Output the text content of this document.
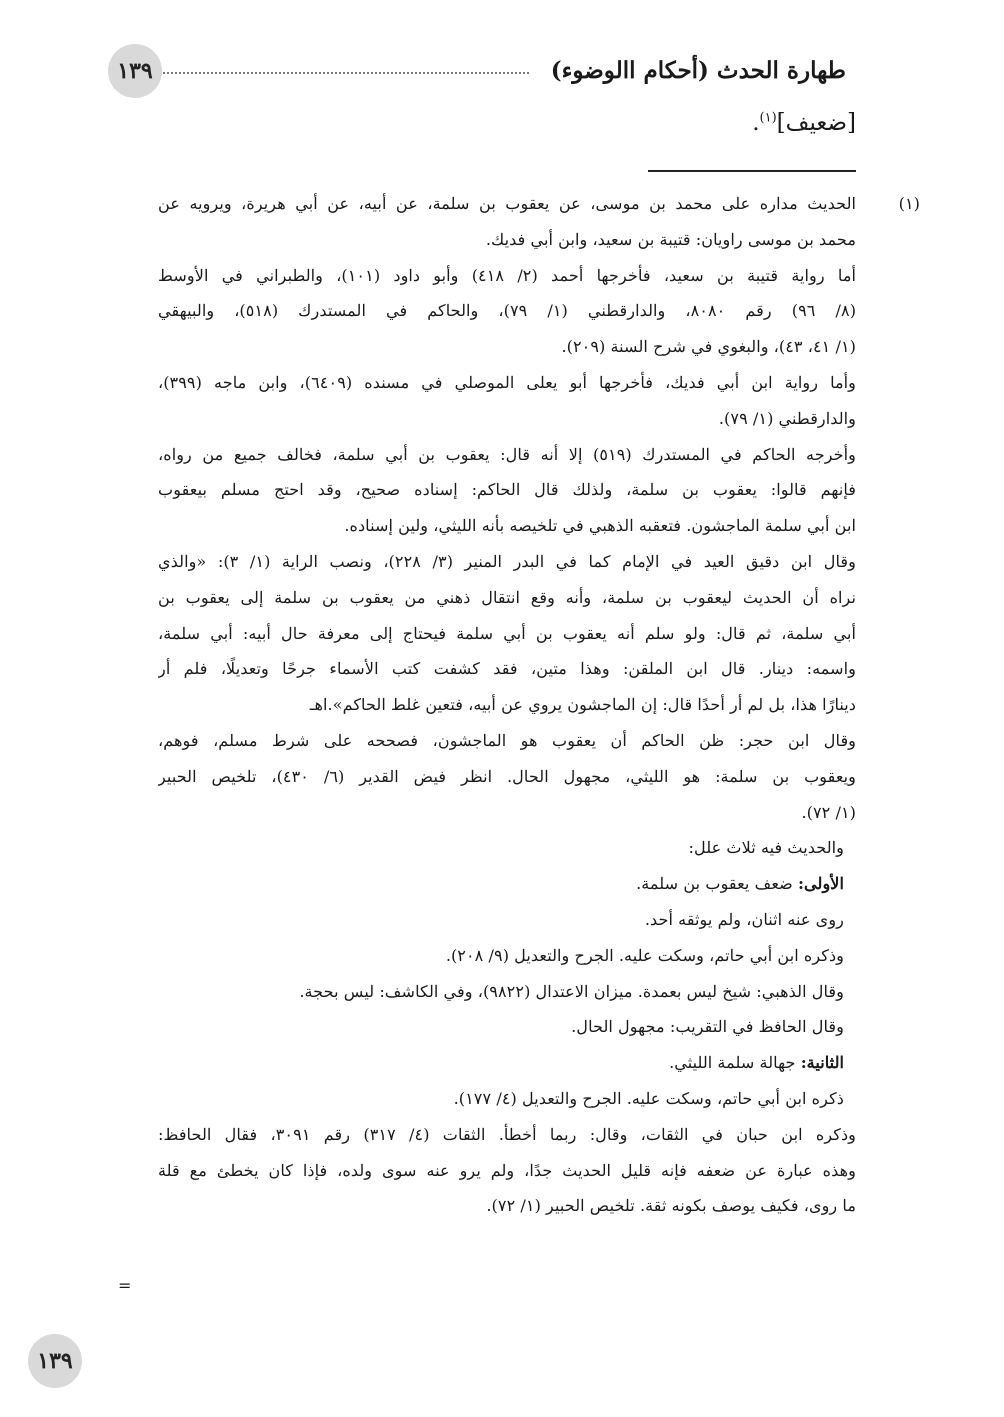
طهارة الحدث (أحكام االوضوء)
١٣٩
[ضعيف]$^{(١)}$.
(١)
الحديث مداره على محمد بن موسى، عن يعقوب بن سلمة، عن أبيه، عن أبي هريرة، ويرويه عن
محمد بن موسى راويان: قتيبة بن سعيد، وابن أبي فديك.
أما رواية قتيبة بن سعيد، فأخرجها أحمد (٢/ ٤١٨) وأبو داود (١٠١)، والطبراني في الأوسط
(٨/ ٩٦) رقم ٨٠٨٠، والدارقطني (١/ ٧٩)، والحاكم في المستدرك (٥١٨)، والبيهقي
(١/ ٤١، ٤٣)، والبغوي في شرح السنة (٢٠٩).
وأما رواية ابن أبي فديك، فأخرجها أبو يعلى الموصلي في مسنده (٦٤٠٩)، وابن ماجه (٣٩٩)،
والدارقطني (١/ ٧٩).
وأخرجه الحاكم في المستدرك (٥١٩) إلا أنه قال: يعقوب بن أبي سلمة، فخالف جميع من رواه،
فإنهم قالوا: يعقوب بن سلمة، ولذلك قال الحاكم: إسناده صحيح، وقد احتج مسلم بيعقوب
ابن أبي سلمة الماجشون. فتعقبه الذهبي في تلخيصه بأنه الليثي، ولين إسناده.
وقال ابن دقيق العيد في الإمام كما في البدر المنير (٣/ ٢٢٨)، ونصب الراية (١/ ٣): «والذي
نراه أن الحديث ليعقوب بن سلمة، وأنه وقع انتقال ذهني من يعقوب بن سلمة إلى يعقوب بن
أبي سلمة، ثم قال: ولو سلم أنه يعقوب بن أبي سلمة فيحتاج إلى معرفة حال أبيه: أبي سلمة،
واسمه: دينار. قال ابن الملقن: وهذا متين، فقد كشفت كتب الأسماء جرحًا وتعديلًا، فلم أر
دينارًا هذا، بل لم أر أحدًا قال: إن الماجشون يروي عن أبيه، فتعين غلط الحاكم».اهـ
وقال ابن حجر: ظن الحاكم أن يعقوب هو الماجشون، فصححه على شرط مسلم، فوهم،
ويعقوب بن سلمة: هو الليثي، مجهول الحال. انظر فيض القدير (٦/ ٤٣٠)، تلخيص الحبير
(١/ ٧٢).
والحديث فيه ثلاث علل:
الأولى: ضعف يعقوب بن سلمة.
روى عنه اثنان، ولم يوثقه أحد.
وذكره ابن أبي حاتم، وسكت عليه. الجرح والتعديل (٩/ ٢٠٨).
وقال الذهبي: شيخ ليس بعمدة. ميزان الاعتدال (٩٨٢٢)، وفي الكاشف: ليس بحجة.
وقال الحافظ في التقريب: مجهول الحال.
الثانية: جهالة سلمة الليثي.
ذكره ابن أبي حاتم، وسكت عليه. الجرح والتعديل (٤/ ١٧٧).
وذكره ابن حبان في الثقات، وقال: ربما أخطأ. الثقات (٤/ ٣١٧) رقم ٣٠٩١، فقال الحافظ:
وهذه عبارة عن ضعفه فإنه قليل الحديث جدًا، ولم يرو عنه سوى ولده، فإذا كان يخطئ مع قلة
ما روى، فكيف يوصف بكونه ثقة. تلخيص الحبير (١/ ٧٢).
=
١٣٩
